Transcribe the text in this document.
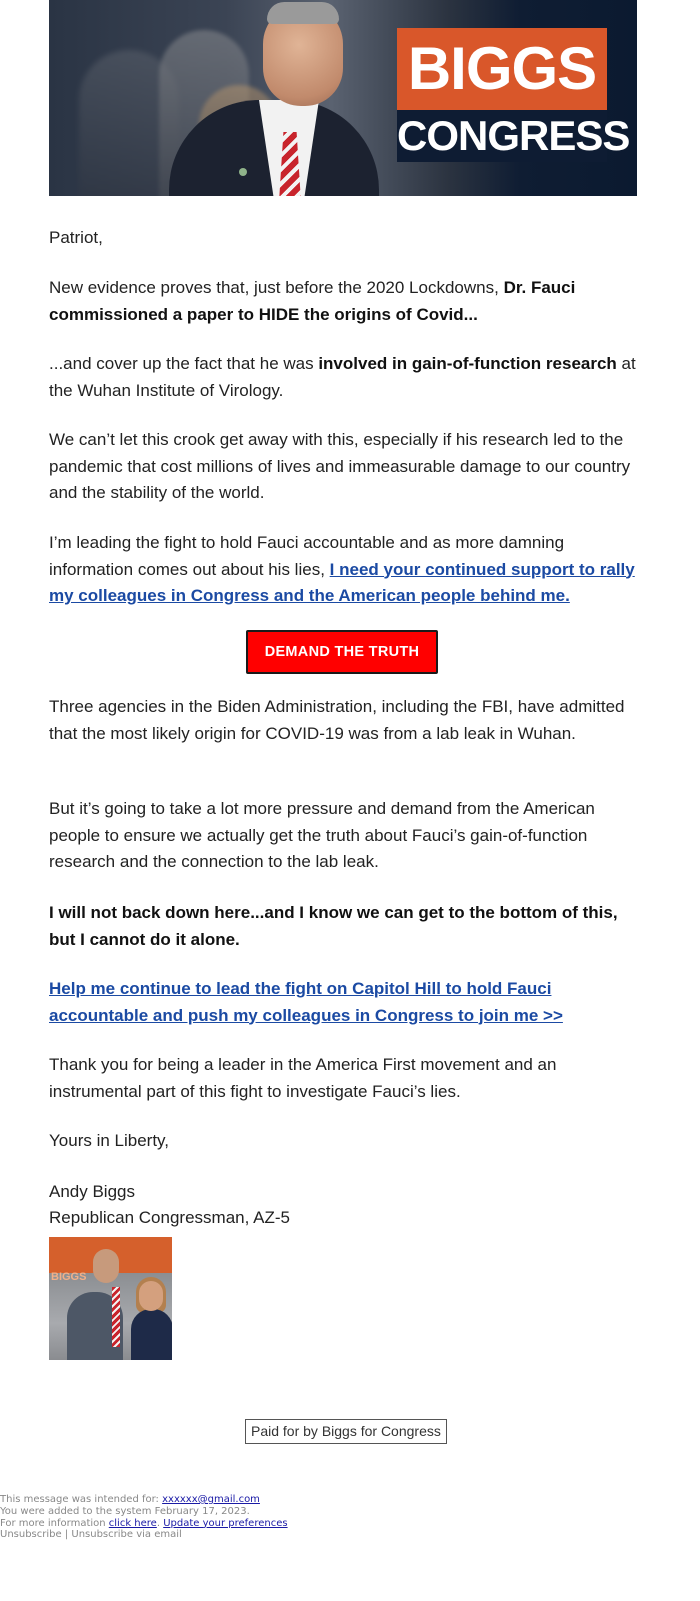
BIGGS
CONGRESS

Patriot,

New evidence proves that, just before the 2020 Lockdowns, Dr. Fauci commissioned a paper to HIDE the origins of Covid...

...and cover up the fact that he was involved in gain-of-function research at the Wuhan Institute of Virology.

We can’t let this crook get away with this, especially if his research led to the pandemic that cost millions of lives and immeasurable damage to our country and the stability of the world.

I’m leading the fight to hold Fauci accountable and as more damning information comes out about his lies, I need your continued support to rally my colleagues in Congress and the American people behind me.

DEMAND THE TRUTH

Three agencies in the Biden Administration, including the FBI, have admitted that the most likely origin for COVID-19 was from a lab leak in Wuhan.

But it’s going to take a lot more pressure and demand from the American people to ensure we actually get the truth about Fauci’s gain-of-function research and the connection to the lab leak.

I will not back down here...and I know we can get to the bottom of this, but I cannot do it alone.

Help me continue to lead the fight on Capitol Hill to hold Fauci accountable and push my colleagues in Congress to join me >>

Thank you for being a leader in the America First movement and an instrumental part of this fight to investigate Fauci’s lies.

Yours in Liberty,

Andy Biggs

Republican Congressman, AZ-5

BIGGS
Paid for by Biggs for Congress
This message was intended for: xxxxxx@gmail.com
You were added to the system February 17, 2023.
For more information click here. Update your preferences
Unsubscribe | Unsubscribe via email
